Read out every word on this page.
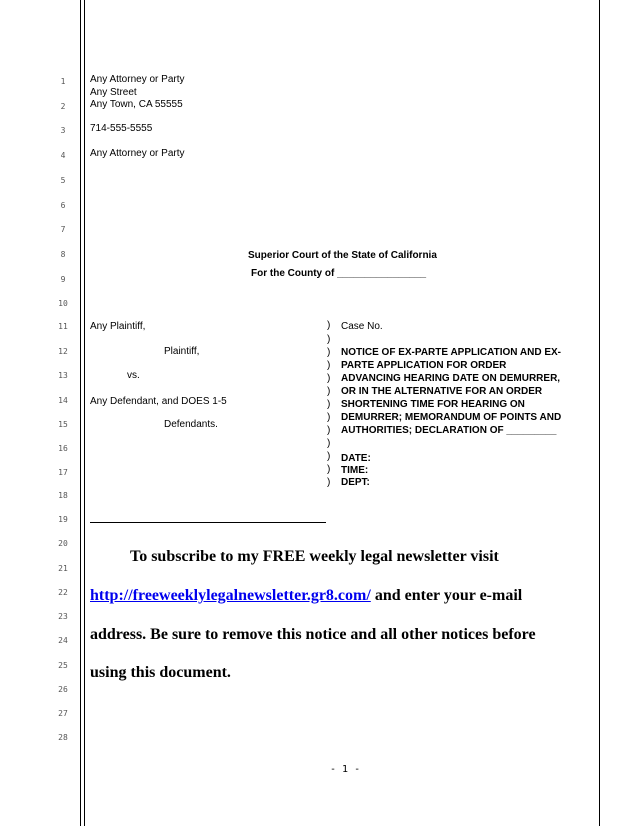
1
2
3
4
5
6
7
8
9
10
11
12
13
14
15
16
17
18
19
20
21
22
23
24
25
26
27
28
Any Attorney or Party
Any Street
Any Town, CA 55555
714-555-5555
Any Attorney or Party
Superior Court of the State of California
For the County of ________________
Any Plaintiff,
Plaintiff,
vs.
Any Defendant, and DOES 1-5
Defendants.
)
)
)
)
)
)
)
)
)
)
)
)
)
Case No.
NOTICE OF EX-PARTE APPLICATION AND EX-
PARTE APPLICATION FOR ORDER
ADVANCING HEARING DATE ON DEMURRER,
OR IN THE ALTERNATIVE FOR AN ORDER
SHORTENING TIME FOR HEARING ON
DEMURRER; MEMORANDUM OF POINTS AND
AUTHORITIES; DECLARATION OF _________
DATE:
TIME:
DEPT:
To subscribe to my FREE weekly legal newsletter visit
http://freeweeklylegalnewsletter.gr8.com/ and enter your e-mail
address. Be sure to remove this notice and all other notices before
using this document.
- 1 -
